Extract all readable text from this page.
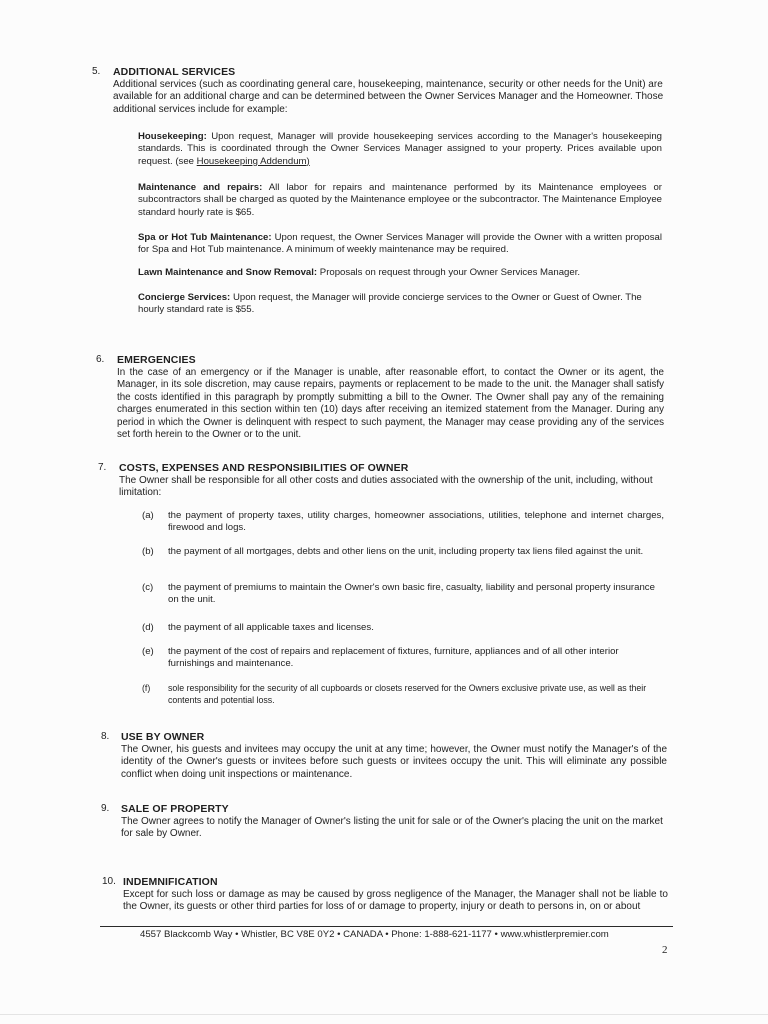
5. ADDITIONAL SERVICES
Additional services (such as coordinating general care, housekeeping, maintenance, security or other needs for the Unit) are available for an additional charge and can be determined between the Owner Services Manager and the Homeowner. Those additional services include for example:
Housekeeping: Upon request, Manager will provide housekeeping services according to the Manager's housekeeping standards. This is coordinated through the Owner Services Manager assigned to your property. Prices available upon request. (see Housekeeping Addendum)
Maintenance and repairs: All labor for repairs and maintenance performed by its Maintenance employees or subcontractors shall be charged as quoted by the Maintenance employee or the subcontractor. The Maintenance Employee standard hourly rate is $65.
Spa or Hot Tub Maintenance: Upon request, the Owner Services Manager will provide the Owner with a written proposal for Spa and Hot Tub maintenance. A minimum of weekly maintenance may be required.
Lawn Maintenance and Snow Removal: Proposals on request through your Owner Services Manager.
Concierge Services: Upon request, the Manager will provide concierge services to the Owner or Guest of Owner. The hourly standard rate is $55.
6. EMERGENCIES
In the case of an emergency or if the Manager is unable, after reasonable effort, to contact the Owner or its agent, the Manager, in its sole discretion, may cause repairs, payments or replacement to be made to the unit. the Manager shall satisfy the costs identified in this paragraph by promptly submitting a bill to the Owner. The Owner shall pay any of the remaining charges enumerated in this section within ten (10) days after receiving an itemized statement from the Manager. During any period in which the Owner is delinquent with respect to such payment, the Manager may cease providing any of the services set forth herein to the Owner or to the unit.
7. COSTS, EXPENSES AND RESPONSIBILITIES OF OWNER
The Owner shall be responsible for all other costs and duties associated with the ownership of the unit, including, without limitation:
(a) the payment of property taxes, utility charges, homeowner associations, utilities, telephone and internet charges, firewood and logs.
(b) the payment of all mortgages, debts and other liens on the unit, including property tax liens filed against the unit.
(c) the payment of premiums to maintain the Owner's own basic fire, casualty, liability and personal property insurance on the unit.
(d) the payment of all applicable taxes and licenses.
(e) the payment of the cost of repairs and replacement of fixtures, furniture, appliances and of all other interior furnishings and maintenance.
(f) sole responsibility for the security of all cupboards or closets reserved for the Owners exclusive private use, as well as their contents and potential loss.
8. USE BY OWNER
The Owner, his guests and invitees may occupy the unit at any time; however, the Owner must notify the Manager's of the identity of the Owner's guests or invitees before such guests or invitees occupy the unit. This will eliminate any possible conflict when doing unit inspections or maintenance.
9. SALE OF PROPERTY
The Owner agrees to notify the Manager of Owner's listing the unit for sale or of the Owner's placing the unit on the market for sale by Owner.
10. INDEMNIFICATION
Except for such loss or damage as may be caused by gross negligence of the Manager, the Manager shall not be liable to the Owner, its guests or other third parties for loss of or damage to property, injury or death to persons in, on or about
4557 Blackcomb Way • Whistler, BC V8E 0Y2 • CANADA • Phone: 1-888-621-1177 • www.whistlerpremier.com
2
